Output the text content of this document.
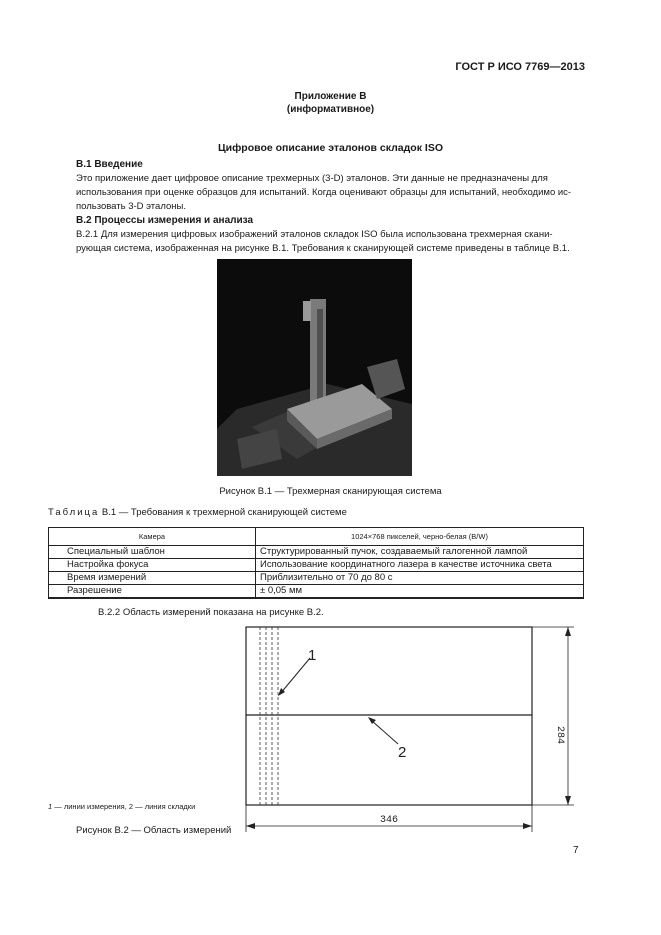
ГОСТ Р ИСО 7769—2013
Приложение В
(информативное)
Цифровое описание эталонов складок ISO
В.1 Введение
Это приложение дает цифровое описание трехмерных (3-D) эталонов. Эти данные не предназначены для
использования при оценке образцов для испытаний. Когда оценивают образцы для испытаний, необходимо ис-
пользовать 3-D эталоны.
В.2 Процессы измерения и анализа
В.2.1 Для измерения цифровых изображений эталонов складок ISO была использована трехмерная скани-
рующая система, изображенная на рисунке В.1. Требования к сканирующей системе приведены в таблице В.1.
Рисунок В.1 — Трехмерная сканирующая система
Таблица В.1 — Требования к трехмерной сканирующей системе
Камера	1024×768 пикселей, черно-белая (B/W)
Специальный шаблон	Структурированный пучок, создаваемый галогенной лампой
Настройка фокуса	Использование координатного лазера в качестве источника света
Время измерений	Приблизительно от 70 до 80 с
Разрешение	± 0,05 мм
В.2.2 Область измерений показана на рисунке В.2.
1
2
284
346
1 — линии измерения, 2 — линия складки
Рисунок В.2 — Область измерений
7
